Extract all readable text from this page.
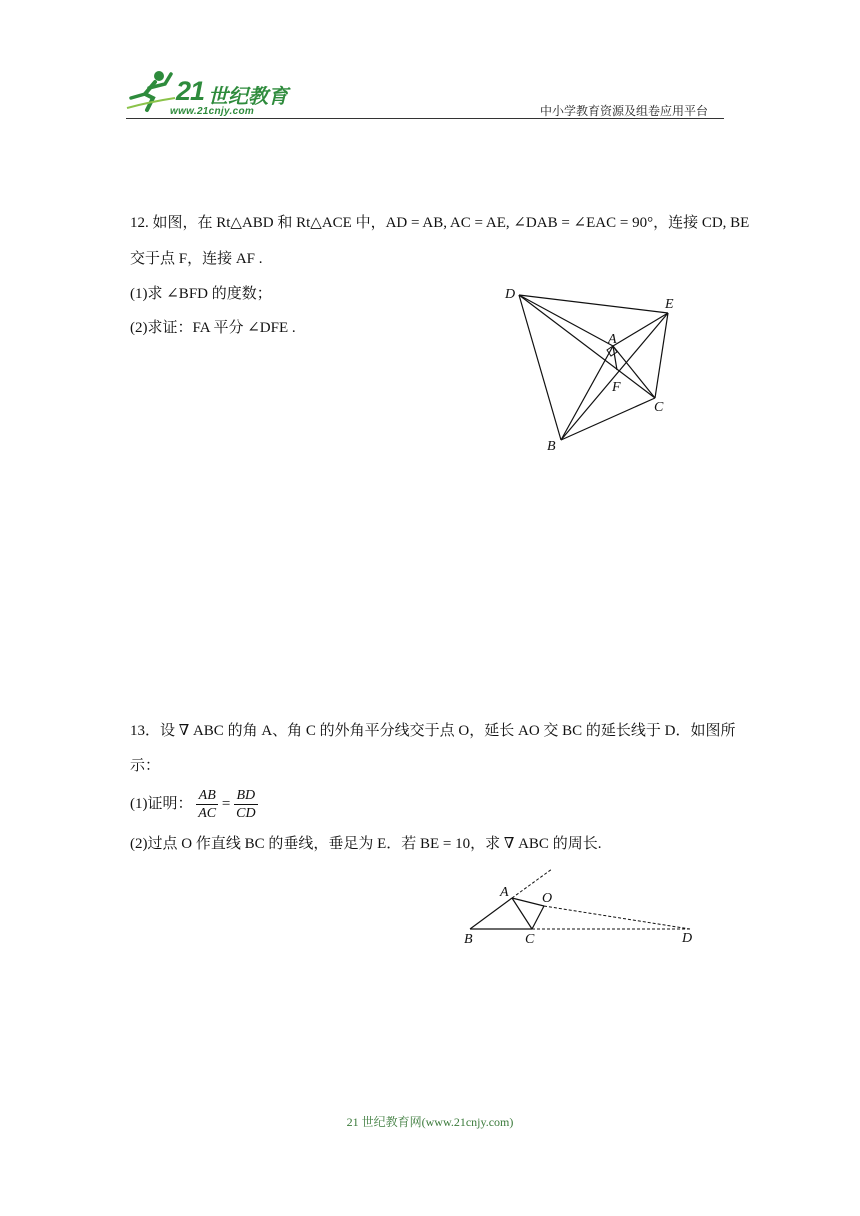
21 世纪教育
www.21cnjy.com	中小学教育资源及组卷应用平台
12. 如图，在 Rt△ABD 和 Rt△ACE 中，AD = AB, AC = AE, ∠DAB = ∠EAC = 90°，连接 CD, BE
交于点 F，连接 AF .
(1)求 ∠BFD 的度数；
(2)求证：FA 平分 ∠DFE .
D
E
A
F
C
B
13．设 ∇ ABC 的角 A、角 C 的外角平分线交于点 O，延长 AO 交 BC 的延长线于 D．如图所
示：
(1)证明： $\frac{AB}{AC} = \frac{BD}{CD}$
(2)过点 O 作直线 BC 的垂线，垂足为 E．若 BE = 10，求 ∇ ABC 的周长.
A O
B	C	D
21 世纪教育网(www.21cnjy.com)
